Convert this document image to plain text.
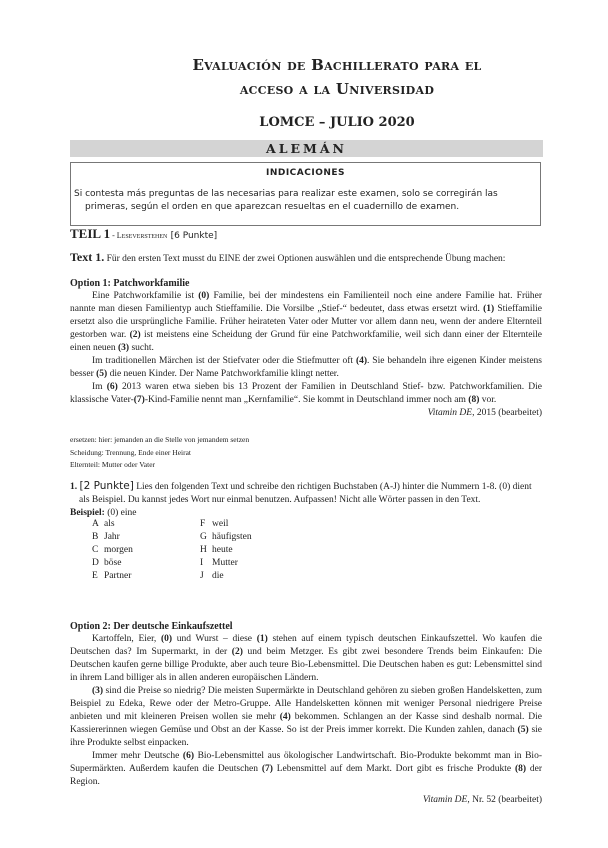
Evaluación de Bachillerato para el
acceso a la Universidad
LOMCE – JULIO 2020
ALEMÁN
INDICACIONES
Si contesta más preguntas de las necesarias para realizar este examen, solo se corregirán las primeras, según el orden en que aparezcan resueltas en el cuadernillo de examen.
TEIL 1 - Leseverstehen [6 Punkte]
Text 1. Für den ersten Text musst du EINE der zwei Optionen auswählen und die entsprechende Übung machen:
Option 1: Patchworkfamilie

Eine Patchworkfamilie ist (0) Familie, bei der mindestens ein Familienteil noch eine andere Familie hat. Früher nannte man diesen Familientyp auch Stieffamilie. Die Vorsilbe „Stief-“ bedeutet, dass etwas ersetzt wird. (1) Stieffamilie ersetzt also die ursprüngliche Familie. Früher heirateten Vater oder Mutter vor allem dann neu, wenn der andere Elternteil gestorben war. (2) ist meistens eine Scheidung der Grund für eine Patchworkfamilie, weil sich dann einer der Elternteile einen neuen (3) sucht.

Im traditionellen Märchen ist der Stiefvater oder die Stiefmutter oft (4). Sie behandeln ihre eigenen Kinder meistens besser (5) die neuen Kinder. Der Name Patchworkfamilie klingt netter.

Im (6) 2013 waren etwa sieben bis 13 Prozent der Familien in Deutschland Stief- bzw. Patchworkfamilien. Die klassische Vater-(7)-Kind-Familie nennt man „Kernfamilie“. Sie kommt in Deutschland immer noch am (8) vor.

Vitamin DE, 2015 (bearbeitet)
ersetzen: hier: jemanden an die Stelle von jemandem setzen
Scheidung: Trennung, Ende einer Heirat
Elternteil: Mutter oder Vater
1. [2 Punkte] Lies den folgenden Text und schreibe den richtigen Buchstaben (A-J) hinter die Nummern 1-8. (0) dient als Beispiel. Du kannst jedes Wort nur einmal benutzen. Aufpassen! Nicht alle Wörter passen in den Text.
Beispiel: (0) eine
A als	F weil
B Jahr	G häufigsten
C morgen	H heute
D böse	I Mutter
E Partner	J die
Option 2: Der deutsche Einkaufszettel

Kartoffeln, Eier, (0) und Wurst – diese (1) stehen auf einem typisch deutschen Einkaufszettel. Wo kaufen die Deutschen das? Im Supermarkt, in der (2) und beim Metzger. Es gibt zwei besondere Trends beim Einkaufen: Die Deutschen kaufen gerne billige Produkte, aber auch teure Bio-Lebensmittel. Die Deutschen haben es gut: Lebensmittel sind in ihrem Land billiger als in allen anderen europäischen Ländern.

(3) sind die Preise so niedrig? Die meisten Supermärkte in Deutschland gehören zu sieben großen Handelsketten, zum Beispiel zu Edeka, Rewe oder der Metro-Gruppe. Alle Handelsketten können mit weniger Personal niedrigere Preise anbieten und mit kleineren Preisen wollen sie mehr (4) bekommen. Schlangen an der Kasse sind deshalb normal. Die Kassiererinnen wiegen Gemüse und Obst an der Kasse. So ist der Preis immer korrekt. Die Kunden zahlen, danach (5) sie ihre Produkte selbst einpacken.

Immer mehr Deutsche (6) Bio-Lebensmittel aus ökologischer Landwirtschaft. Bio-Produkte bekommt man in Bio-Supermärkten. Außerdem kaufen die Deutschen (7) Lebensmittel auf dem Markt. Dort gibt es frische Produkte (8) der Region.

Vitamin DE, Nr. 52 (bearbeitet)
